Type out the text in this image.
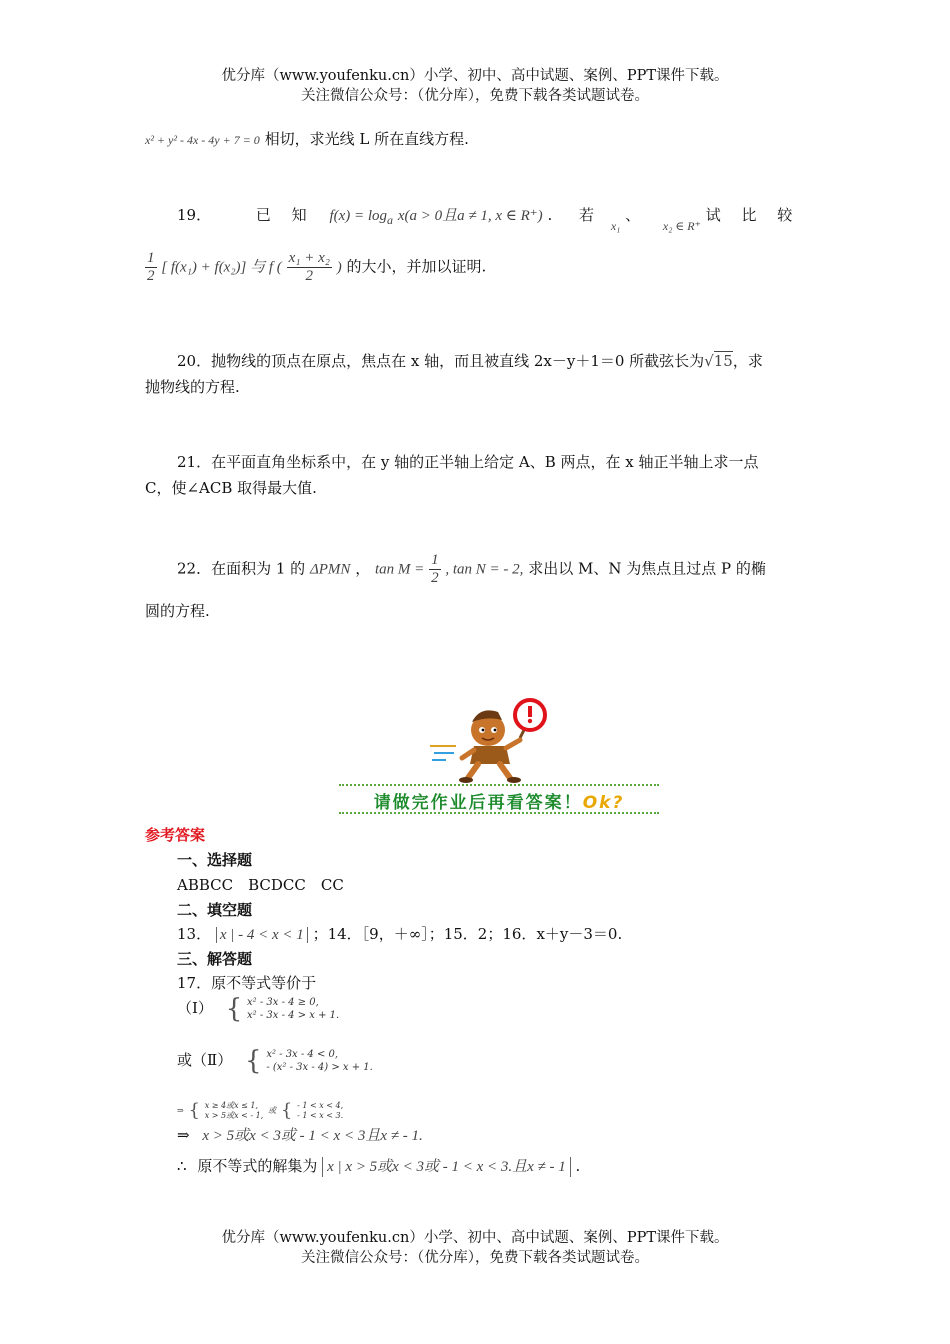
优分库（www.youfenku.cn）小学、初中、高中试题、案例、PPT课件下载。
关注微信公众号：（优分库），免费下载各类试题试卷。
x² + y² - 4x - 4y + 7 = 0 相切，求光线 L 所在直线方程.
19．	已 知 $f(x) = \log_a x(a > 0$且a ≠ 1, x ∈ R⁺) . 若 $_{x_1}$ 、 $_{x_2 \in R^+}$ 试 比 较
$\frac{1}{2}$ [ f(x₁) + f(x₂)] 与 f ( $\frac{\text{x₁ + x₂}}{2}$ ) 的大小，并加以证明.
20．抛物线的顶点在原点，焦点在 x 轴，而且被直线 2x－y＋1＝0 所截弦长为√15，求
抛物线的方程.
21．在平面直角坐标系中，在 y 轴的正半轴上给定 A、B 两点，在 x 轴正半轴上求一点
C，使∠ACB 取得最大值.
22．在面积为 1 的 ΔPMN ， $\tan M = \frac{1}{2}$ , tan N = - 2, 求出以 M、N 为焦点且过点 P 的椭
圆的方程.
请做完作业后再看答案！Ok?
参考答案
一、选择题
ABBCC　BCDCC　CC
二、填空题
13． x | - 4 < x < 1 ；14．［9，＋∞］；15．2；16．x＋y－3＝0.
三、解答题
17．原不等式等价于
（Ⅰ） { x² - 3x - 4 ≥ 0,
x² - 3x - 4 > x + 1.
或（Ⅱ） { x² - 3x - 4 < 0,
- (x² - 3x - 4) > x + 1.
⇒ { x ≥ 4或x ≤ 1,
x > 5或x < - 1,
或 { - 1 < x < 4,
- 1 < x < 3.
⇒ x > 5或x < 3或 - 1 < x < 3且x ≠ - 1.
∴ 原不等式的解集为 x | x > 5或x < 3或 - 1 < x < 3.且x ≠ - 1 .
优分库（www.youfenku.cn）小学、初中、高中试题、案例、PPT课件下载。
关注微信公众号：（优分库），免费下载各类试题试卷。
